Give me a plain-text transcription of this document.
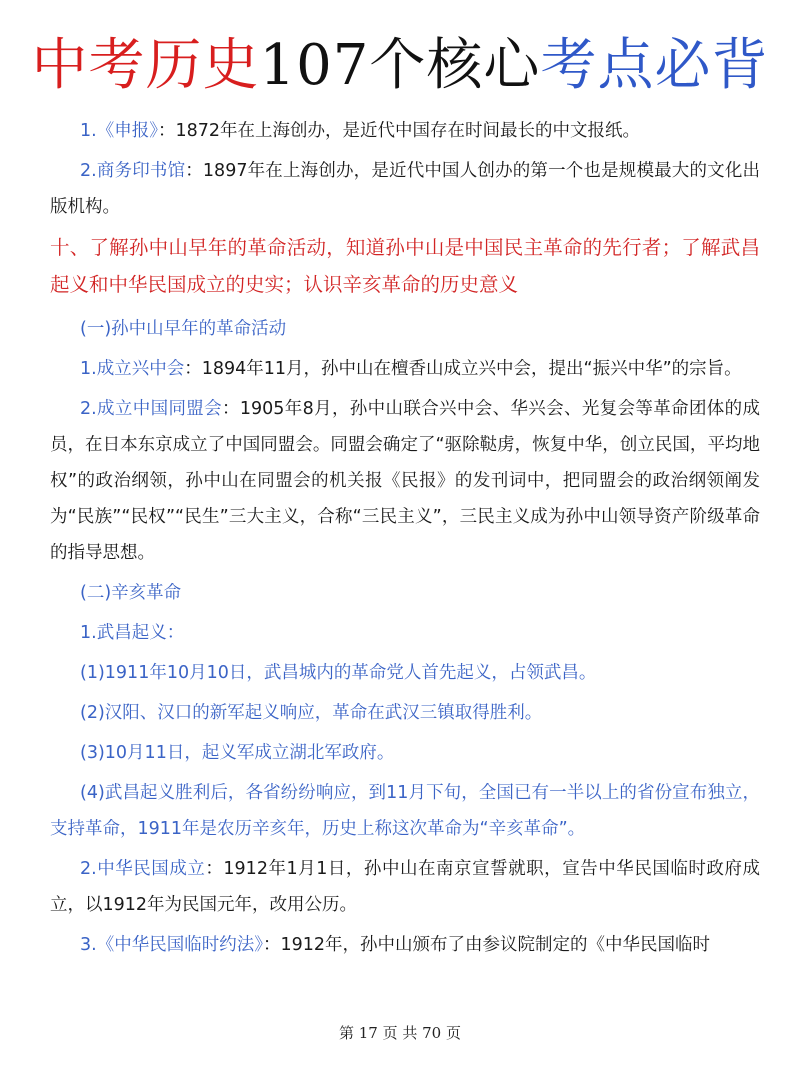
中考历史107个核心考点必背

1.《申报》：1872年在上海创办，是近代中国存在时间最长的中文报纸。

2.商务印书馆：1897年在上海创办，是近代中国人创办的第一个也是规模最大的文化出版机构。

十、了解孙中山早年的革命活动，知道孙中山是中国民主革命的先行者；了解武昌起义和中华民国成立的史实；认识辛亥革命的历史意义

(一)孙中山早年的革命活动

1.成立兴中会：1894年11月，孙中山在檀香山成立兴中会，提出“振兴中华”的宗旨。

2.成立中国同盟会：1905年8月，孙中山联合兴中会、华兴会、光复会等革命团体的成员，在日本东京成立了中国同盟会。同盟会确定了“驱除鞑虏，恢复中华，创立民国，平均地权”的政治纲领，孙中山在同盟会的机关报《民报》的发刊词中，把同盟会的政治纲领阐发为“民族”“民权”“民生”三大主义，合称“三民主义”，三民主义成为孙中山领导资产阶级革命的指导思想。

(二)辛亥革命

1.武昌起义：

(1)1911年10月10日，武昌城内的革命党人首先起义，占领武昌。

(2)汉阳、汉口的新军起义响应，革命在武汉三镇取得胜利。

(3)10月11日，起义军成立湖北军政府。

(4)武昌起义胜利后，各省纷纷响应，到11月下旬，全国已有一半以上的省份宣布独立，支持革命，1911年是农历辛亥年，历史上称这次革命为“辛亥革命”。

2.中华民国成立：1912年1月1日，孙中山在南京宣誓就职，宣告中华民国临时政府成立，以1912年为民国元年，改用公历。

3.《中华民国临时约法》：1912年，孙中山颁布了由参议院制定的《中华民国临时

第 17 页 共 70 页
